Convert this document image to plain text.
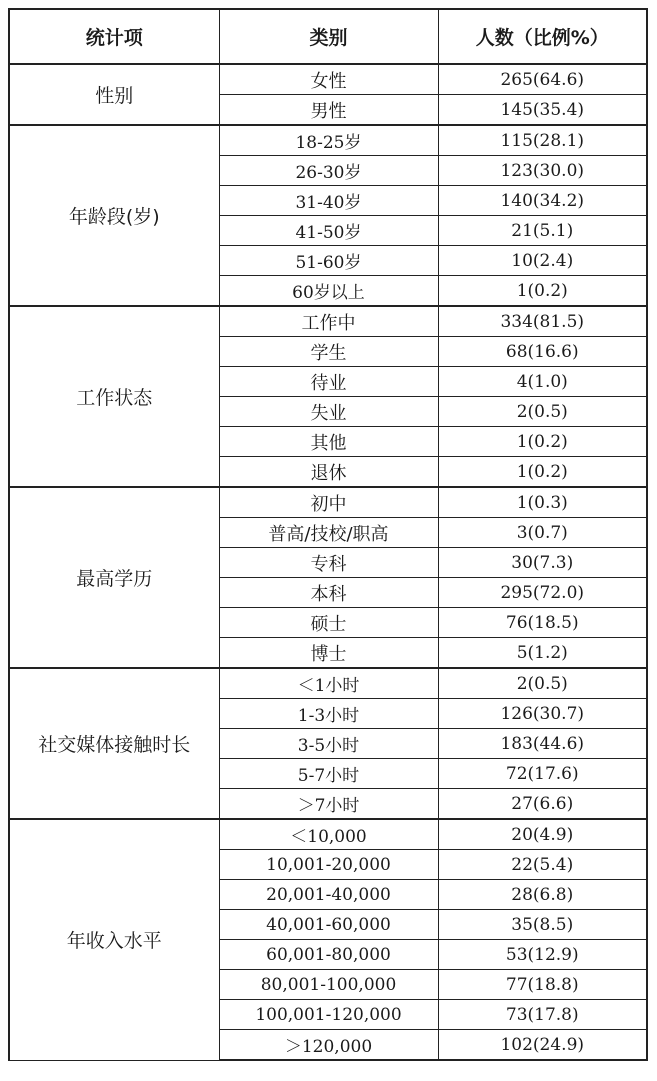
统计项	类别	人数（比例%）
性别	女性	265(64.6)
	男性	145(35.4)
年龄段(岁)	18-25岁	115(28.1)
	26-30岁	123(30.0)
	31-40岁	140(34.2)
	41-50岁	21(5.1)
	51-60岁	10(2.4)
	60岁以上	1(0.2)
工作状态	工作中	334(81.5)
	学生	68(16.6)
	待业	4(1.0)
	失业	2(0.5)
	其他	1(0.2)
	退休	1(0.2)
最高学历	初中	1(0.3)
	普高/技校/职高	3(0.7)
	专科	30(7.3)
	本科	295(72.0)
	硕士	76(18.5)
	博士	5(1.2)
社交媒体接触时长	＜1小时	2(0.5)
	1-3小时	126(30.7)
	3-5小时	183(44.6)
	5-7小时	72(17.6)
	＞7小时	27(6.6)
年收入水平	＜10,000	20(4.9)
	10,001-20,000	22(5.4)
	20,001-40,000	28(6.8)
	40,001-60,000	35(8.5)
	60,001-80,000	53(12.9)
	80,001-100,000	77(18.8)
	100,001-120,000	73(17.8)
	＞120,000	102(24.9)
